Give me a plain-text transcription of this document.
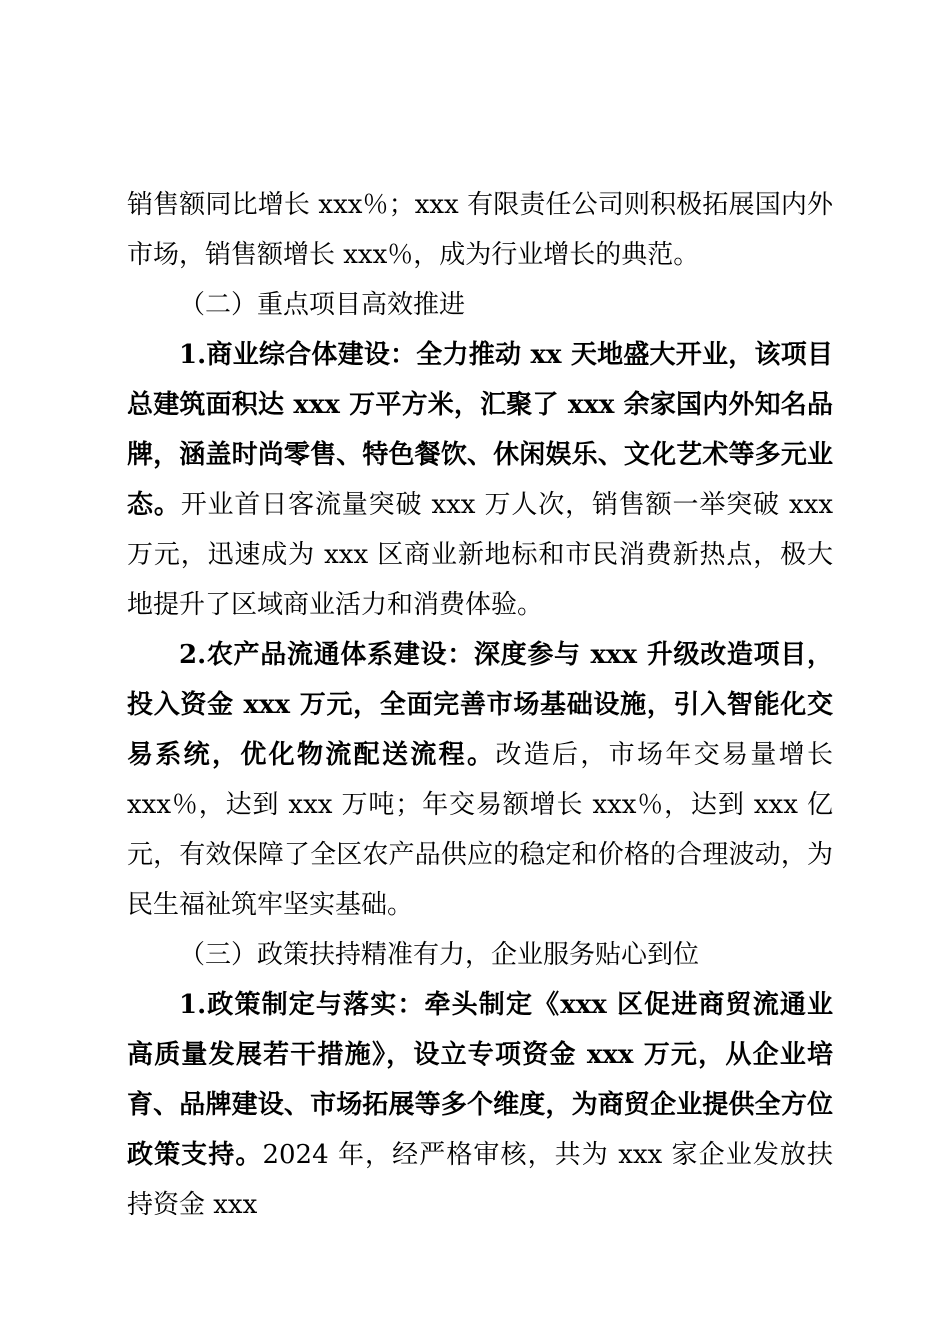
销售额同比增长 xxx％；xxx 有限责任公司则积极拓展国内外市场，销售额增长 xxx％，成为行业增长的典范。

（二）重点项目高效推进

1.商业综合体建设：全力推动 xx 天地盛大开业，该项目总建筑面积达 xxx 万平方米，汇聚了 xxx 余家国内外知名品牌，涵盖时尚零售、特色餐饮、休闲娱乐、文化艺术等多元业态。开业首日客流量突破 xxx 万人次，销售额一举突破 xxx 万元，迅速成为 xxx 区商业新地标和市民消费新热点，极大地提升了区域商业活力和消费体验。

2.农产品流通体系建设：深度参与 xxx 升级改造项目，投入资金 xxx 万元，全面完善市场基础设施，引入智能化交易系统，优化物流配送流程。改造后，市场年交易量增长 xxx％，达到 xxx 万吨；年交易额增长 xxx％，达到 xxx 亿元，有效保障了全区农产品供应的稳定和价格的合理波动，为民生福祉筑牢坚实基础。

（三）政策扶持精准有力，企业服务贴心到位

1.政策制定与落实：牵头制定《xxx 区促进商贸流通业高质量发展若干措施》，设立专项资金 xxx 万元，从企业培育、品牌建设、市场拓展等多个维度，为商贸企业提供全方位政策支持。2024 年，经严格审核，共为 xxx 家企业发放扶持资金 xxx
